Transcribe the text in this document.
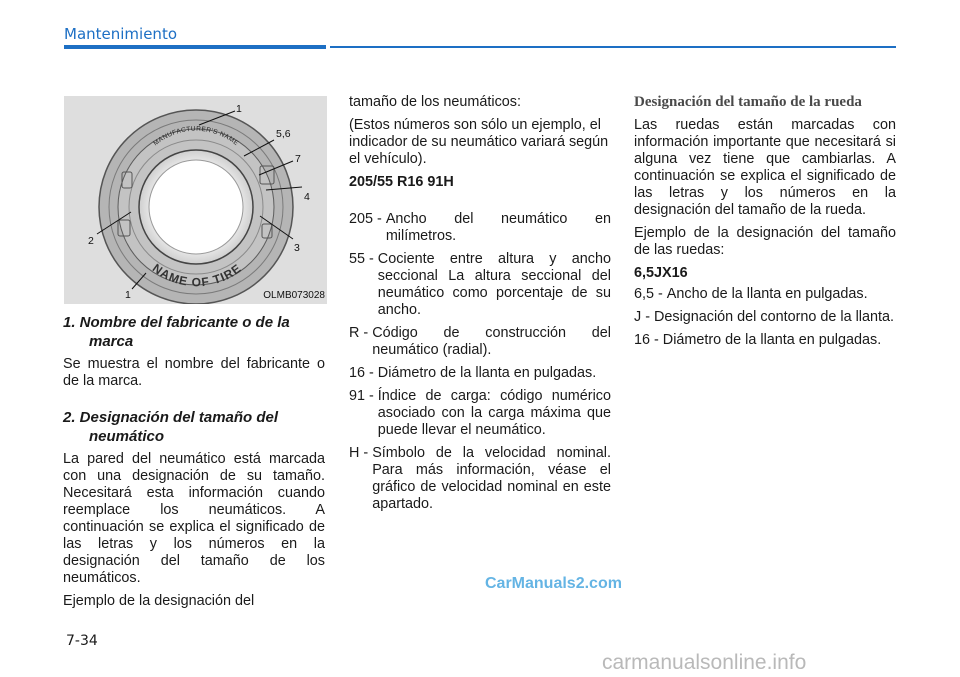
Mantenimiento
MANUFACTURER'S NAME
NAME OF TIRE
1
5,6
7
4
3
2
1	OLMB073028

1. Nombre del fabricante o de la
marca

Se muestra el nombre del fabricante o de la marca.

2. Designación del tamaño del
neumático

La pared del neumático está marcada con una designación de su tamaño. Necesitará esta información cuando reemplace los neumáticos. A continuación se explica el significado de las letras y los números en la designación del tamaño de los neumáticos.

Ejemplo de la designación del

tamaño de los neumáticos:

(Estos números son sólo un ejemplo, el indicador de su neumático variará según el vehículo).

205/55 R16 91H

205 - Ancho del neumático en milímetros.
55 - Cociente entre altura y ancho seccional La altura seccional del neumático como porcentaje de su ancho.
R - Código de construcción del neumático (radial).
16 - Diámetro de la llanta en pulgadas.
91 - Índice de carga: código numérico asociado con la carga máxima que puede llevar el neumático.
H - Símbolo de la velocidad nominal. Para más información, véase el gráfico de velocidad nominal en este apartado.

Designación del tamaño de la rueda

Las ruedas están marcadas con información importante que necesitará si alguna vez tiene que cambiarlas. A continuación se explica el significado de las letras y los números en la designación del tamaño de la rueda.

Ejemplo de la designación del tamaño de las ruedas:

6,5JX16

6,5 - Ancho de la llanta en pulgadas.
J - Designación del contorno de la llanta.
16 - Diámetro de la llanta en pulgadas.
CarManuals2.com
7-34
carmanualsonline.info
